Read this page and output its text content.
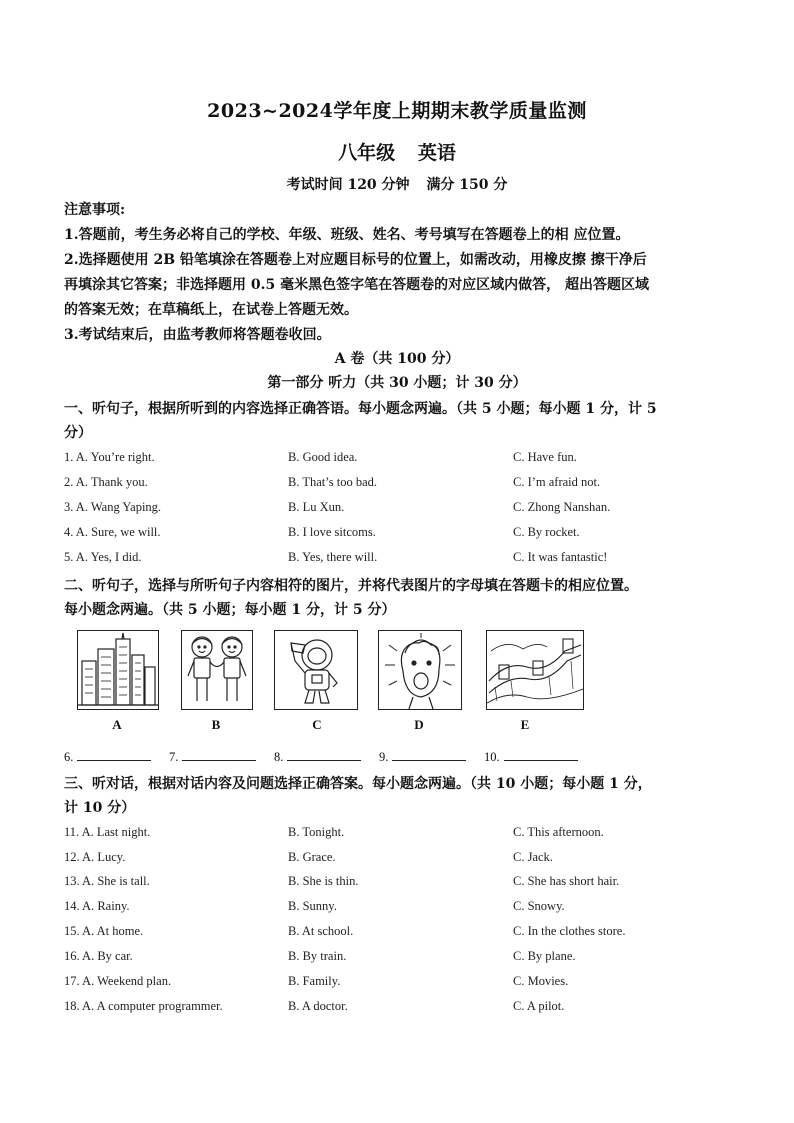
2023~2024学年度上期期末教学质量监测
八年级 英语
考试时间 120 分钟 满分 150 分
注意事项:
1.答题前，考生务必将自己的学校、年级、班级、姓名、考号填写在答题卷上的相 应位置。
2.选择题使用 2B 铅笔填涂在答题卷上对应题目标号的位置上，如需改动，用橡皮擦 擦干净后
再填涂其它答案；非选择题用 0.5 毫米黑色签字笔在答题卷的对应区域内做答， 超出答题区域
的答案无效；在草稿纸上，在试卷上答题无效。
3.考试结束后，由监考教师将答题卷收回。
A 卷（共 100 分）
第一部分 听力（共 30 小题；计 30 分）
一、听句子，根据所听到的内容选择正确答语。每小题念两遍。（共 5 小题；每小题 1 分，计 5
分）
1. A. You’re right.	B. Good idea.	C. Have fun.
2. A. Thank you.	B. That’s too bad.	C. I’m afraid not.
3. A. Wang Yaping.	B. Lu Xun.	C. Zhong Nanshan.
4. A. Sure, we will.	B. I love sitcoms.	C. By rocket.
5. A. Yes, I did.	B. Yes, there will.	C. It was fantastic!
二、听句子，选择与所听句子内容相符的图片，并将代表图片的字母填在答题卡的相应位置。
每小题念两遍。（共 5 小题；每小题 1 分，计 5 分）
A	B	C	D	E
6.	7.	8.	9.	10.
三、听对话，根据对话内容及问题选择正确答案。每小题念两遍。（共 10 小题；每小题 1 分，
计 10 分）
11. A. Last night.	B. Tonight.	C. This afternoon.
12. A. Lucy.	B. Grace.	C. Jack.
13. A. She is tall.	B. She is thin.	C. She has short hair.
14. A. Rainy.	B. Sunny.	C. Snowy.
15. A. At home.	B. At school.	C. In the clothes store.
16. A. By car.	B. By train.	C. By plane.
17. A. Weekend plan.	B. Family.	C. Movies.
18. A. A computer programmer.	B. A doctor.	C. A pilot.
